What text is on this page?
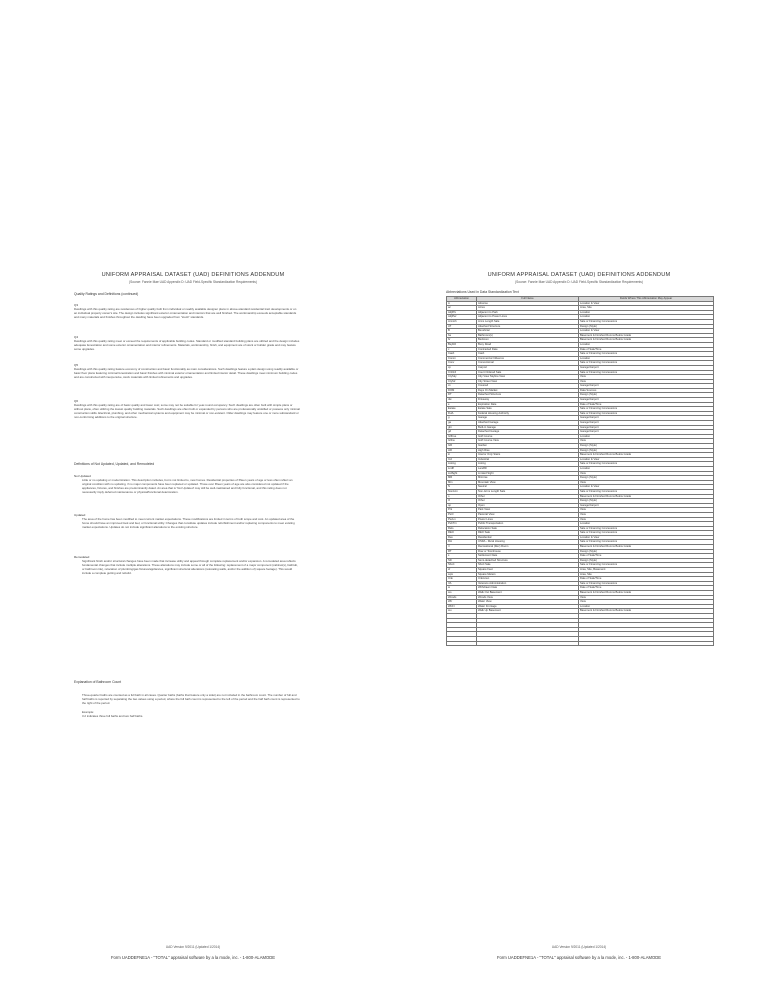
UNIFORM APPRAISAL DATASET (UAD) DEFINITIONS ADDENDUM
(Source: Fannie Mae UAD Appendix D: UAD Field-Specific Standardization Requirements)
Quality Ratings and Definitions (continued)
Q3

Dwellings with this quality rating are residences of higher quality built from individual or readily available designer plans in above-standard residential tract developments or on an individual property owner's site. The design includes significant exterior ornamentation and interiors that are well finished. The workmanship exceeds acceptable standards and many materials and finishes throughout the dwelling have been upgraded from "stock" standards.

Q4

Dwellings with this quality rating meet or exceed the requirements of applicable building codes. Standard or modified standard building plans are utilized and the design includes adequate fenestration and some exterior ornamentation and interior refinements. Materials, workmanship, finish, and equipment are of stock or builder grade and may feature some upgrades.

Q5

Dwellings with this quality rating feature economy of construction and basic functionality as main considerations. Such dwellings feature a plain design using readily available or basic floor plans featuring minimal fenestration and basic finishes with minimal exterior ornamentation and limited interior detail. These dwellings meet minimum building codes and are constructed with inexpensive, stock materials with limited refinements and upgrades.

Q6

Dwellings with this quality rating are of basic quality and lower cost; some may not be suitable for year-round occupancy. Such dwellings are often built with simple plans or without plans, often utilizing the lowest quality building materials. Such dwellings are often built or expanded by persons who are professionally unskilled or possess only minimal construction skills. Electrical, plumbing, and other mechanical systems and equipment may be minimal or non-existent. Older dwellings may feature one or more substandard or non-conforming additions to the original structure.

Definitions of Not Updated, Updated, and Remodeled
Not Updated

Little or no updating or modernization. This description includes, but is not limited to, new homes. Residential properties of fifteen years of age or less often reflect an original condition with no updating, if no major components have been replaced or updated. Those over fifteen years of age are also considered not updated if the appliances, fixtures, and finishes are predominantly dated. An area that is 'Not Updated' may still be well-maintained and fully functional, and this rating does not necessarily imply deferred maintenance or physical/functional deterioration.

Updated

The area of the home has been modified to meet current market expectations. These modifications are limited in terms of both scope and cost. An updated area of the home should have an improved look and feel, or functional utility. Changes that constitute updates include refurbishment and/or replacing components to meet existing market expectations. Updates do not include significant alterations to the existing structure.

Remodeled

Significant finish and/or structural changes have been made that increase utility and appeal through complete replacement and/or expansion. A remodeled area reflects fundamental changes that include multiple alterations. These alterations may include some or all of the following: replacement of a major component (cabinet(s), bathtub, or bathroom tile), relocation of plumbing/gas fixtures/appliances, significant structural alterations (relocating walls, and/or the addition of) square footage). This would include a complete gutting and rebuild.

Explanation of Bathroom Count

Three-quarter baths are counted as a full bath in all cases. Quarter baths (baths that feature only a toilet) are not included in the bathroom count. The number of full and half baths is reported by separating the two values using a period, where the full bath count is represented to the left of the period and the half bath count is represented to the right of the period.

Example:

3.2 indicates three full baths and two half baths.

UAD Version 9/2011 (Updated 1/2014)
Form UADDEFNE1A - "TOTAL" appraisal software by a la mode, inc. - 1-800-ALAMODE
UNIFORM APPRAISAL DATASET (UAD) DEFINITIONS ADDENDUM
(Source: Fannie Mae UAD Appendix D: UAD Field-Specific Standardization Requirements)
Abbreviations Used in Data Standardization Text
Abbreviation	Full Name	Fields Where This Abbreviation May Appear
A	Adverse	Location & View
ac	Acres	Area, Site
AdjPrk	Adjacent to Park	Location
AdjPwr	Adjacent to Power Lines	Location
ArmLth	Arms Length Sale	Sale or Financing Concessions
AT	Attached Structure	Design (Style)
B	Beneficial	Location & View
ba	Bathroom(s)	Basement & Finished Rooms Below Grade
br	Bedroom	Basement & Finished Rooms Below Grade
BsyRd	Busy Road	Location
c	Contracted Date	Date of Sale/Time
Cash	Cash	Sale or Financing Concessions
Comm	Commercial Influence	Location
Conv	Conventional	Sale or Financing Concessions
cp	Carport	Garage/Carport
CrtOrd	Court Ordered Sale	Sale or Financing Concessions
CtySky	City View Skyline View	View
CtyStr	City Street View	View
cv	Covered	Garage/Carport
DOM	Days On Market	Data Sources
DT	Detached Structure	Design (Style)
dw	Driveway	Garage/Carport
e	Expiration Date	Date of Sale/Time
Estate	Estate Sale	Sale or Financing Concessions
FHA	Federal Housing Authority	Sale or Financing Concessions
g	Garage	Garage/Carport
ga	Attached Garage	Garage/Carport
gbi	Built-in Garage	Garage/Carport
gd	Detached Garage	Garage/Carport
GlfCse	Golf Course	Location
Glfvw	Golf Course View	View
GR	Garden	Design (Style)
HR	High Rise	Design (Style)
in	Interior Only Stairs	Basement & Finished Rooms Below Grade
Ind	Industrial	Location & View
Listing	Listing	Sale or Financing Concessions
Lndfl	Landfill	Location
LtdSght	Limited Sight	View
MR	Mid-rise	Design (Style)
Mtn	Mountain View	View
N	Neutral	Location & View
NonArm	Non-Arms Length Sale	Sale or Financing Concessions
o	Other	Basement & Finished Rooms Below Grade
O	Other	Design (Style)
op	Open	Garage/Carport
Prk	Park View	View
Pstrl	Pastoral View	View
PwrLn	Power Lines	View
PubTrn	Public Transportation	Location
Relo	Relocation Sale	Sale or Financing Concessions
REO	REO Sale	Sale or Financing Concessions
Res	Residential	Location & View
RH	USDA - Rural Housing	Sale or Financing Concessions
rr	Recreational (Rec) Room	Basement & Finished Rooms Below Grade
RT	Row or Townhouse	Design (Style)
s	Settlement Date	Date of Sale/Time
SD	Semi-detached Structure	Design (Style)
Short	Short Sale	Sale or Financing Concessions
sf	Square Feet	Area, Site, Basement
sqm	Square Meters	Area, Site
Unk	Unknown	Date of Sale/Time
VA	Veterans Administration	Sale or Financing Concessions
w	Withdrawn Date	Date of Sale/Time
wo	Walk Out Basement	Basement & Finished Rooms Below Grade
Woods	Woods View	View
Wtr	Water View	View
WtrFr	Water Frontage	Location
wu	Walk Up Basement	Basement & Finished Rooms Below Grade

UAD Version 9/2011 (Updated 1/2014)
Form UADDEFNE1A - "TOTAL" appraisal software by a la mode, inc. - 1-800-ALAMODE
